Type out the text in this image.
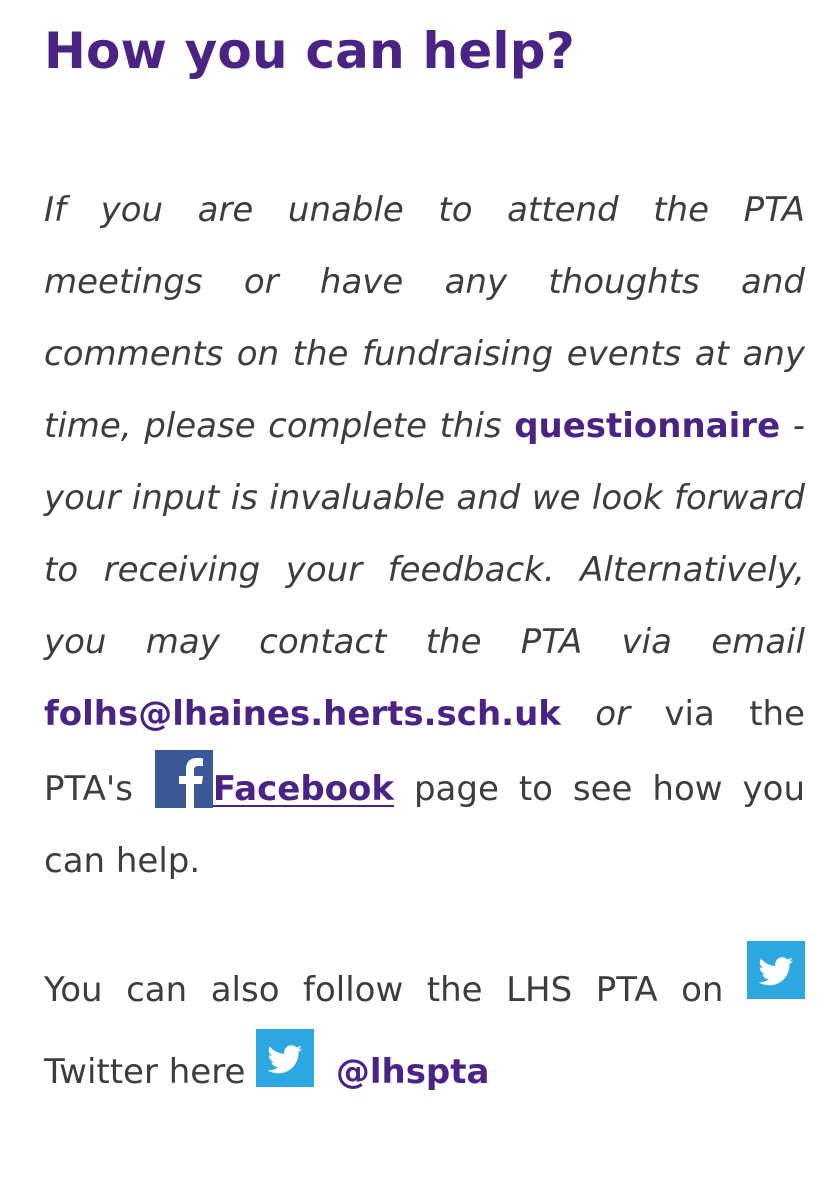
How you can help?

If you are unable to attend the PTA meetings or have any thoughts and comments on the fundraising events at any time, please complete this questionnaire - your input is invaluable and we look forward to receiving your feedback. Alternatively, you may contact the PTA via email folhs@lhaines.herts.sch.uk or via the PTA's Facebook page to see how you can help.

You can also follow the LHS PTA on
Twitter here	@lhspta
